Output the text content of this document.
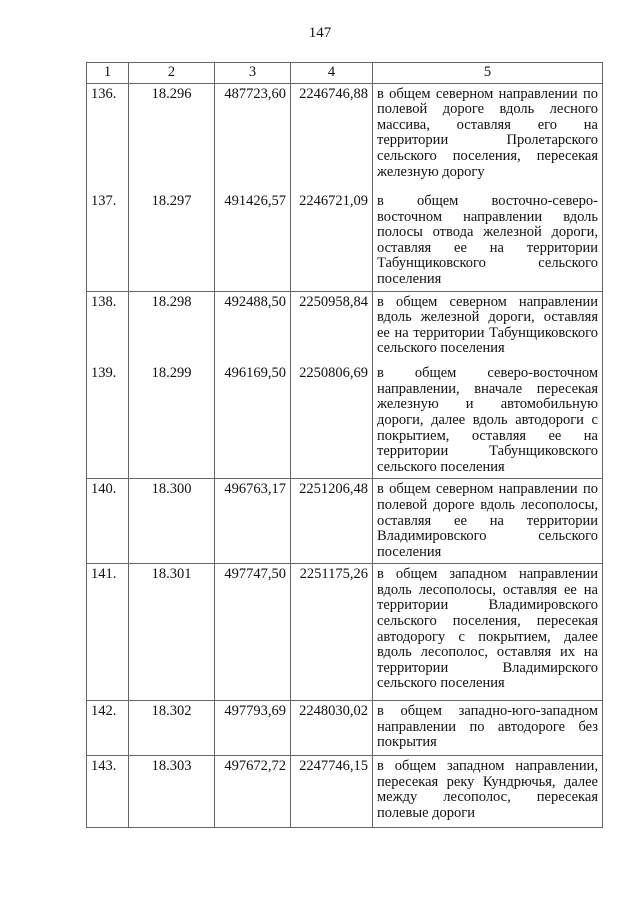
147
1	2	3	4	5
136.	18.296	487723,60	2246746,88	в общем северном направлении по полевой дороге вдоль лесного массива, оставляя его на территории Пролетарского сельского поселения, пересекая железную дорогу
137.	18.297	491426,57	2246721,09	в общем восточно-северо-восточном направлении вдоль полосы отвода железной дороги, оставляя ее на территории Табунщиковского сельского поселения
138.	18.298	492488,50	2250958,84	в общем северном направлении вдоль железной дороги, оставляя ее на территории Табунщиковского сельского поселения
139.	18.299	496169,50	2250806,69	в общем северо-восточном направлении, вначале пересекая железную и автомобильную дороги, далее вдоль автодороги с покрытием, оставляя ее на территории Табунщиковского сельского поселения
140.	18.300	496763,17	2251206,48	в общем северном направлении по полевой дороге вдоль лесополосы, оставляя ее на территории Владимировского сельского поселения
141.	18.301	497747,50	2251175,26	в общем западном направлении вдоль лесополосы, оставляя ее на территории Владимировского сельского поселения, пересекая автодорогу с покрытием, далее вдоль лесополос, оставляя их на территории Владимирского сельского поселения
142.	18.302	497793,69	2248030,02	в общем западно-юго-западном направлении по автодороге без покрытия
143.	18.303	497672,72	2247746,15	в общем западном направлении, пересекая реку Кундрючья, далее между лесополос, пересекая полевые дороги
